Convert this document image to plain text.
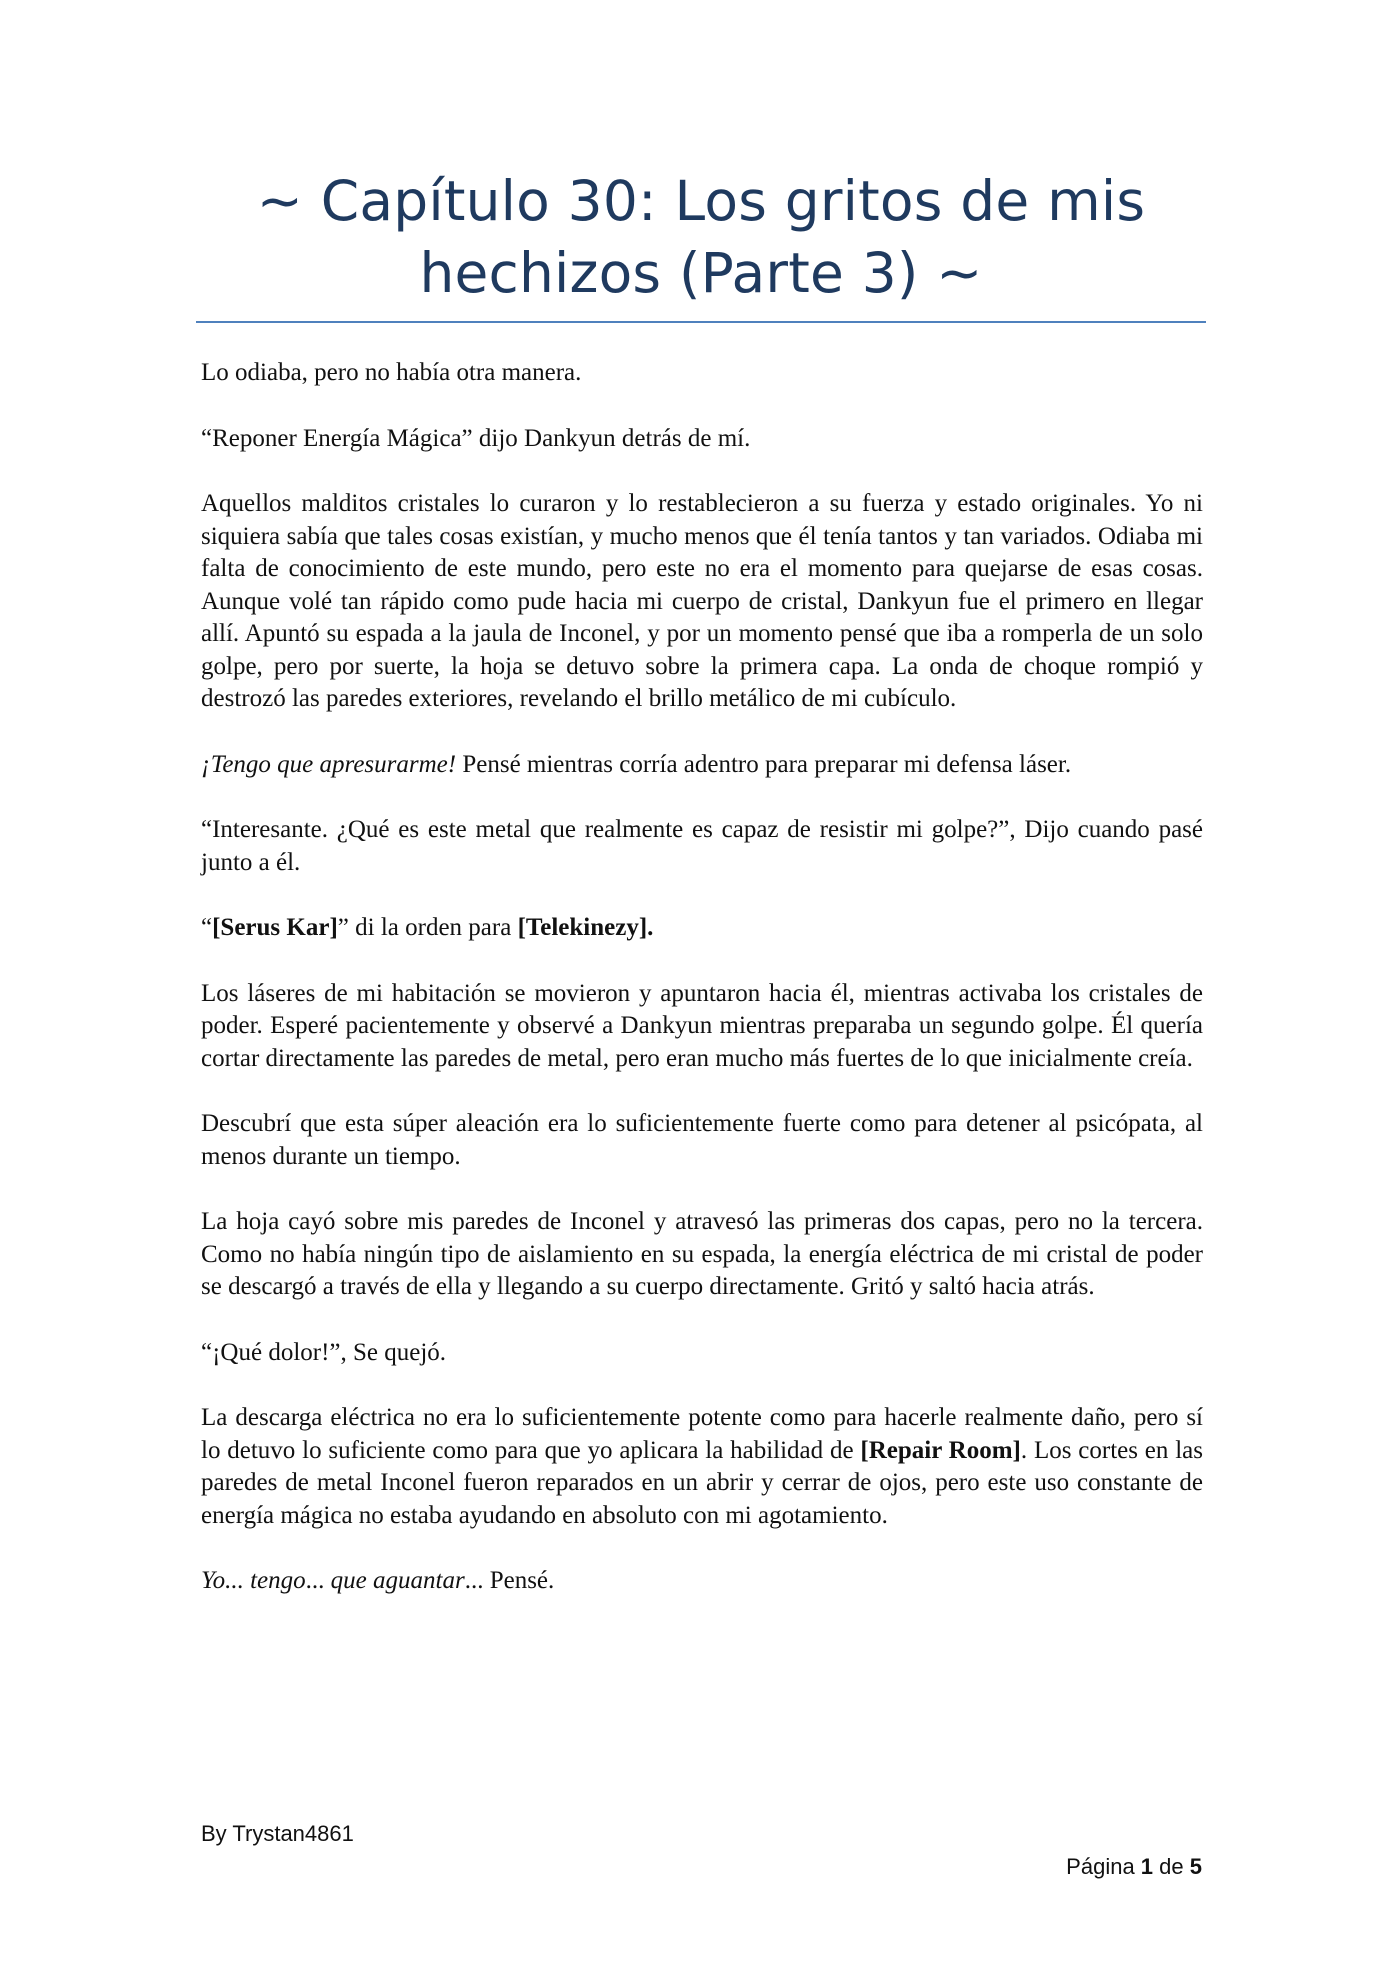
~ Capítulo 30: Los gritos de mis
hechizos (Parte 3) ~

Lo odiaba, pero no había otra manera.

“Reponer Energía Mágica” dijo Dankyun detrás de mí.

Aquellos malditos cristales lo curaron y lo restablecieron a su fuerza y estado originales. Yo ni siquiera sabía que tales cosas existían, y mucho menos que él tenía tantos y tan variados. Odiaba mi falta de conocimiento de este mundo, pero este no era el momento para quejarse de esas cosas. Aunque volé tan rápido como pude hacia mi cuerpo de cristal, Dankyun fue el primero en llegar allí. Apuntó su espada a la jaula de Inconel, y por un momento pensé que iba a romperla de un solo golpe, pero por suerte, la hoja se detuvo sobre la primera capa. La onda de choque rompió y destrozó las paredes exteriores, revelando el brillo metálico de mi cubículo.

¡Tengo que apresurarme! Pensé mientras corría adentro para preparar mi defensa láser.

“Interesante. ¿Qué es este metal que realmente es capaz de resistir mi golpe?”, Dijo cuando pasé junto a él.

“[Serus Kar]” di la orden para [Telekinezy].

Los láseres de mi habitación se movieron y apuntaron hacia él, mientras activaba los cristales de poder. Esperé pacientemente y observé a Dankyun mientras preparaba un segundo golpe. Él quería cortar directamente las paredes de metal, pero eran mucho más fuertes de lo que inicialmente creía.

Descubrí que esta súper aleación era lo suficientemente fuerte como para detener al psicópata, al menos durante un tiempo.

La hoja cayó sobre mis paredes de Inconel y atravesó las primeras dos capas, pero no la tercera. Como no había ningún tipo de aislamiento en su espada, la energía eléctrica de mi cristal de poder se descargó a través de ella y llegando a su cuerpo directamente. Gritó y saltó hacia atrás.

“¡Qué dolor!”, Se quejó.

La descarga eléctrica no era lo suficientemente potente como para hacerle realmente daño, pero sí lo detuvo lo suficiente como para que yo aplicara la habilidad de [Repair Room]. Los cortes en las paredes de metal Inconel fueron reparados en un abrir y cerrar de ojos, pero este uso constante de energía mágica no estaba ayudando en absoluto con mi agotamiento.

Yo... tengo... que aguantar... Pensé.

By Trystan4861
Página 1 de 5
